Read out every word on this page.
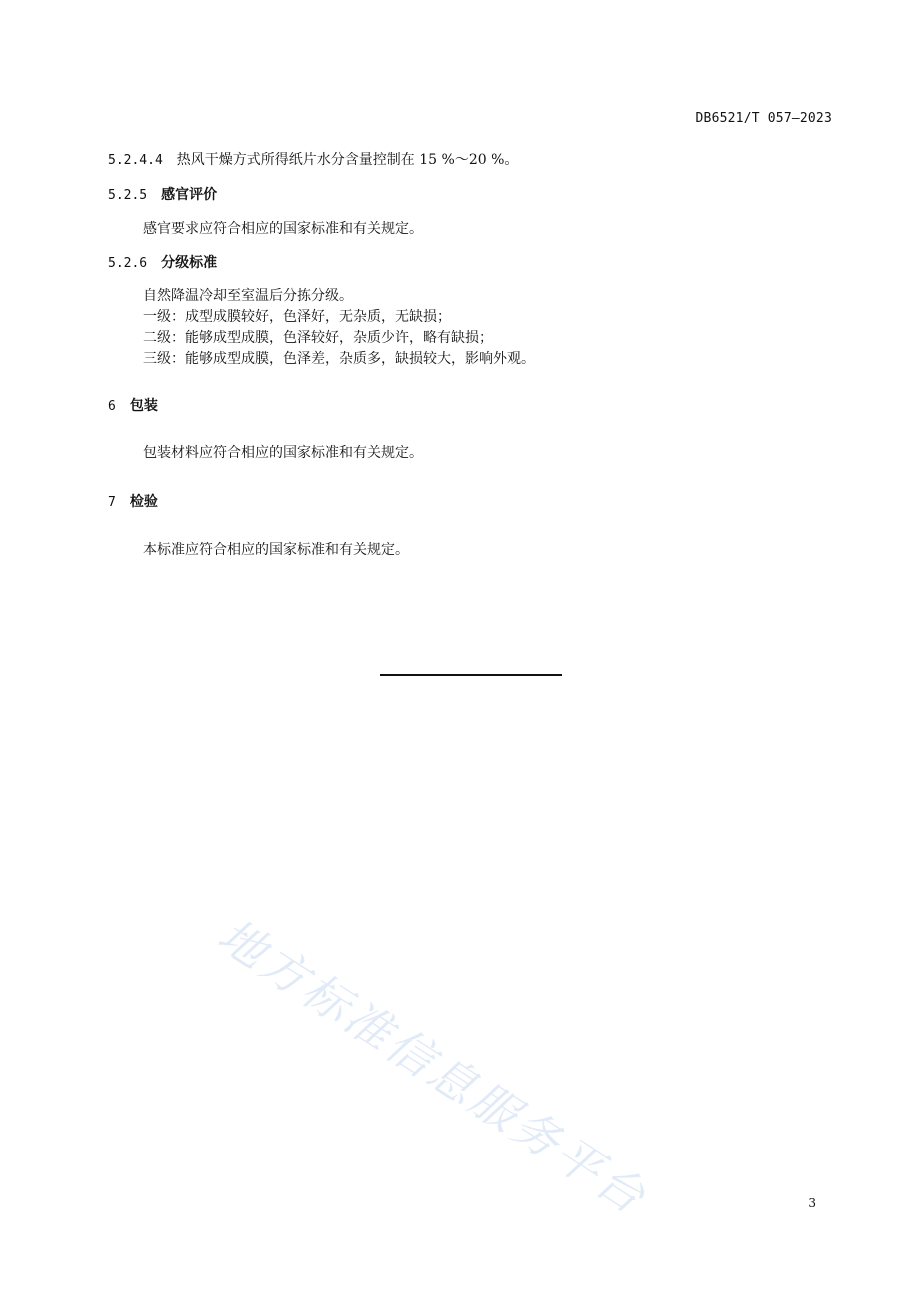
DB6521/T 057—2023
5.2.4.4 热风干燥方式所得纸片水分含量控制在 15 %～20 %。
5.2.5 感官评价
感官要求应符合相应的国家标准和有关规定。
5.2.6 分级标准
自然降温冷却至室温后分拣分级。
一级：成型成膜较好，色泽好，无杂质，无缺损；
二级：能够成型成膜，色泽较好，杂质少许，略有缺损；
三级：能够成型成膜，色泽差，杂质多，缺损较大，影响外观。
6 包装
包装材料应符合相应的国家标准和有关规定。
7 检验
本标准应符合相应的国家标准和有关规定。
地方标准信息服务平台	3
